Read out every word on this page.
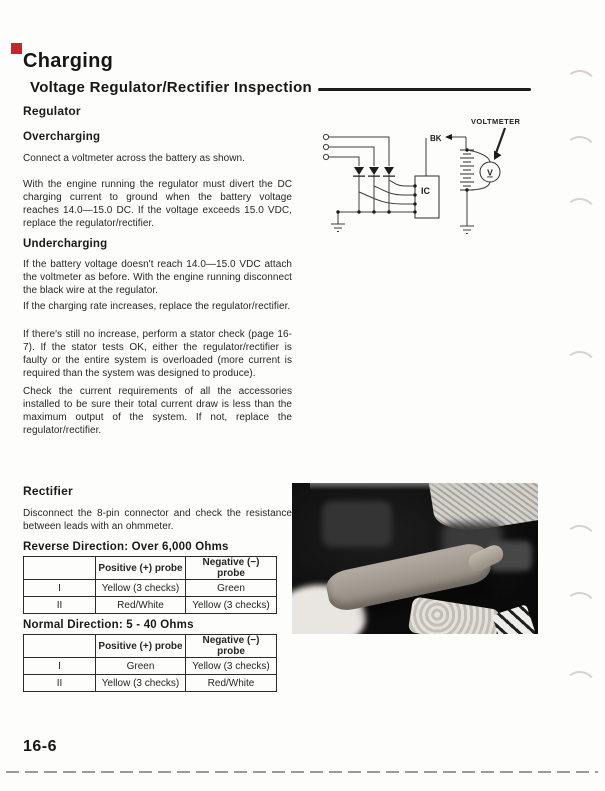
Charging
Voltage Regulator/Rectifier Inspection
Regulator
Overcharging
Connect a voltmeter across the battery as shown.
With the engine running the regulator must divert the DC charging current to ground when the battery voltage reaches 14.0—15.0 DC. If the voltage exceeds 15.0 VDC, replace the regulator/rectifier.
Undercharging
If the battery voltage doesn't reach 14.0—15.0 VDC attach the voltmeter as before. With the engine running disconnect the black wire at the regulator.
If the charging rate increases, replace the regulator/rectifier.
If there's still no increase, perform a stator check (page 16-7). If the stator tests OK, either the regulator/rectifier is faulty or the entire system is overloaded (more current is required than the system was designed to produce).
Check the current requirements of all the accessories installed to be sure their total current draw is less than the maximum output of the system. If not, replace the regulator/rectifier.
BK
IC
V
VOLTMETER
Rectifier
Disconnect the 8-pin connector and check the resistance between leads with an ohmmeter.
Reverse Direction: Over 6,000 Ohms
	Positive (+) probe	Negative (−) probe
I	Yellow (3 checks)	Green
II	Red/White	Yellow (3 checks)
Normal Direction: 5 - 40 Ohms
	Positive (+) probe	Negative (−) probe
I	Green	Yellow (3 checks)
II	Yellow (3 checks)	Red/White
16-6
